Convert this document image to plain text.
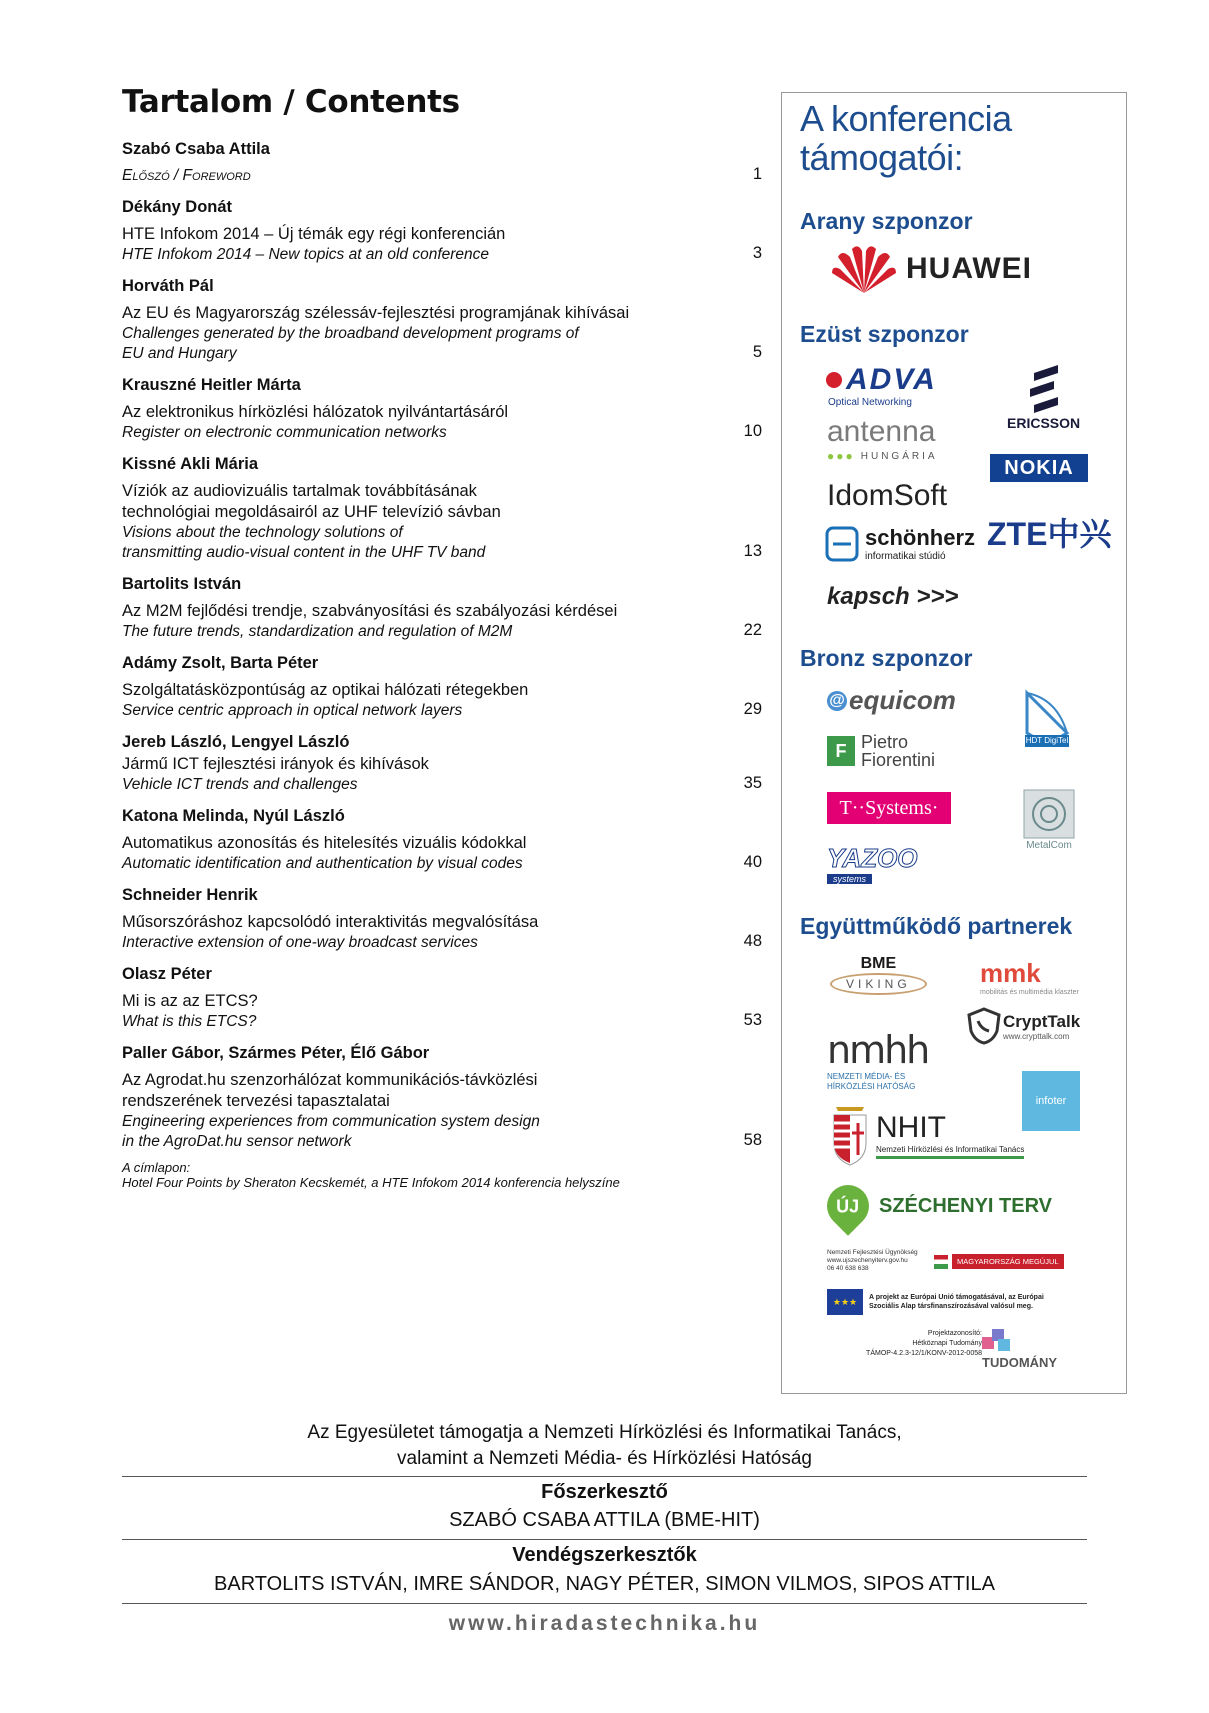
Tartalom / Contents
Szabó Csaba Attila
Előszó / Foreword	1
Dékány Donát
HTE Infokom 2014 – Új témák egy régi konferencián
HTE Infokom 2014 – New topics at an old conference	3
Horváth Pál
Az EU és Magyarország szélessáv-fejlesztési programjának kihívásai
Challenges generated by the broadband development programs of
EU and Hungary	5
Krauszné Heitler Márta
Az elektronikus hírközlési hálózatok nyilvántartásáról
Register on electronic communication networks	10
Kissné Akli Mária
Víziók az audiovizuális tartalmak továbbításának
technológiai megoldásairól az UHF televízió sávban
Visions about the technology solutions of
transmitting audio-visual content in the UHF TV band	13
Bartolits István
Az M2M fejlődési trendje, szabványosítási és szabályozási kérdései
The future trends, standardization and regulation of M2M	22
Adámy Zsolt, Barta Péter
Szolgáltatásközpontúság az optikai hálózati rétegekben
Service centric approach in optical network layers	29
Jereb László, Lengyel László
Jármű ICT fejlesztési irányok és kihívások
Vehicle ICT trends and challenges	35
Katona Melinda, Nyúl László
Automatikus azonosítás és hitelesítés vizuális kódokkal
Automatic identification and authentication by visual codes	40
Schneider Henrik
Műsorszóráshoz kapcsolódó interaktivitás megvalósítása
Interactive extension of one-way broadcast services	48
Olasz Péter
Mi is az az ETCS?
What is this ETCS?	53
Paller Gábor, Szármes Péter, Élő Gábor
Az Agrodat.hu szenzorhálózat kommunikációs-távközlési
rendszerének tervezési tapasztalatai
Engineering experiences from communication system design
in the AgroDat.hu sensor network	58
A címlapon:
Hotel Four Points by Sheraton Kecskemét, a HTE Infokom 2014 konferencia helyszíne
A konferencia támogatói:
Arany szponzor
HUAWEI
Ezüst szponzor
ADVA
Optical Networking
ERICSSON
antenna
●●● HUNGÁRIA
NOKIA
IdomSoft
ZTE中兴
schönherz
informatikai stúdió
kapsch >>>
Bronz szponzor
@ equicom
HDT DigiTel
F Pietro Fiorentini
T··Systems·
MetalCom
YAZOO
systems
Együttműködő partnerek
BME
VIKING	mmk
mobilitás és multimédia klaszter
CryptTalk
www.crypttalk.com
nmhh
NEMZETI MÉDIA- ÉS HÍRKÖZLÉSI HATÓSÁG
infoter
NHIT
Nemzeti Hírközlési és Informatikai Tanács
ÚJ SZÉCHENYI TERV
Nemzeti Fejlesztési Ügynökség
www.ujszechenyiterv.gov.hu
06 40 638 638
MAGYARORSZÁG MEGÚJUL
★★★	A projekt az Európai Unió támogatásával, az Európai Szociális Alap társfinanszírozásával valósul meg.
Projektazonosító:
Hétköznapi Tudomány
TÁMOP-4.2.3-12/1/KONV-2012-0058
TUDOMÁNY
Az Egyesületet támogatja a Nemzeti Hírközlési és Informatikai Tanács,
valamint a Nemzeti Média- és Hírközlési Hatóság
Főszerkesztő
SZABÓ CSABA ATTILA (BME-HIT)
Vendégszerkesztők
BARTOLITS ISTVÁN, IMRE SÁNDOR, NAGY PÉTER, SIMON VILMOS, SIPOS ATTILA
www.hiradastechnika.hu
